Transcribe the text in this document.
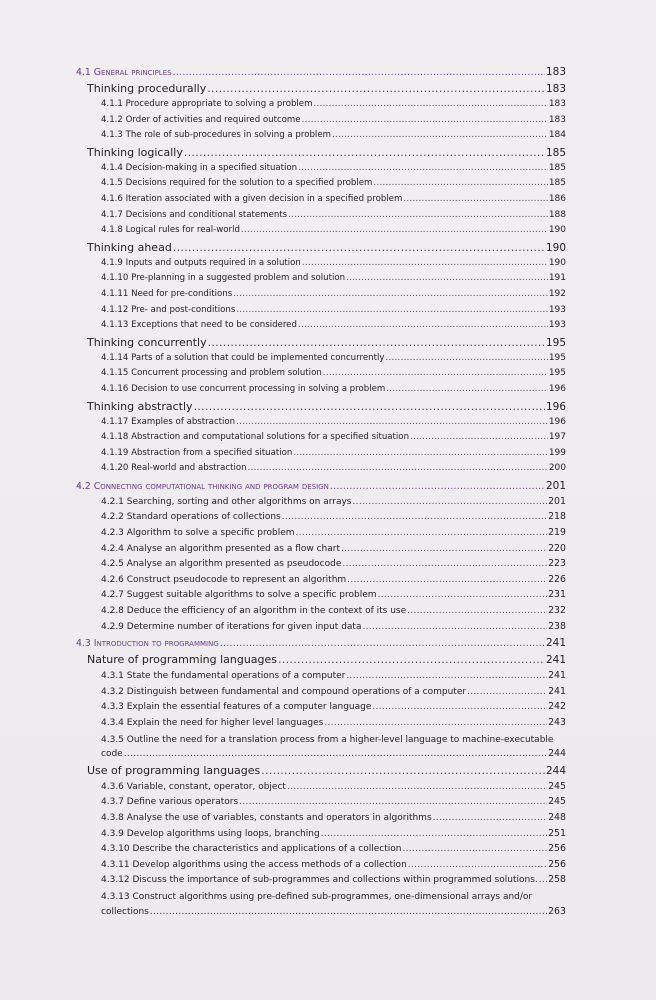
4.1 General principles .....	183
Thinking procedurally .....	183
4.1.1 Procedure appropriate to solving a problem .....	183
4.1.2 Order of activities and required outcome .....	183
4.1.3 The role of sub-procedures in solving a problem .....	184
Thinking logically .....	185
4.1.4 Decision-making in a specified situation .....	185
4.1.5 Decisions required for the solution to a specified problem .....	185
4.1.6 Iteration associated with a given decision in a specified problem .....	186
4.1.7 Decisions and conditional statements .....	188
4.1.8 Logical rules for real-world .....	190
Thinking ahead .....	190
4.1.9 Inputs and outputs required in a solution .....	190
4.1.10 Pre-planning in a suggested problem and solution .....	191
4.1.11 Need for pre-conditions .....	192
4.1.12 Pre- and post-conditions .....	193
4.1.13 Exceptions that need to be considered .....	193
Thinking concurrently .....	195
4.1.14 Parts of a solution that could be implemented concurrently .....	195
4.1.15 Concurrent processing and problem solution .....	195
4.1.16 Decision to use concurrent processing in solving a problem .....	196
Thinking abstractly .....	196
4.1.17 Examples of abstraction .....	196
4.1.18 Abstraction and computational solutions for a specified situation .....	197
4.1.19 Abstraction from a specified situation .....	199
4.1.20 Real-world and abstraction .....	200
4.2 Connecting computational thinking and program design .....	201
4.2.1 Searching, sorting and other algorithms on arrays .....	201
4.2.2 Standard operations of collections .....	218
4.2.3 Algorithm to solve a specific problem .....	219
4.2.4 Analyse an algorithm presented as a flow chart .....	220
4.2.5 Analyse an algorithm presented as pseudocode .....	223
4.2.6 Construct pseudocode to represent an algorithm .....	226
4.2.7 Suggest suitable algorithms to solve a specific problem .....	231
4.2.8 Deduce the efficiency of an algorithm in the context of its use .....	232
4.2.9 Determine number of iterations for given input data .....	238
4.3 Introduction to programming .....	241
Nature of programming languages .....	241
4.3.1 State the fundamental operations of a computer .....	241
4.3.2 Distinguish between fundamental and compound operations of a computer .....	241
4.3.3 Explain the essential features of a computer language .....	242
4.3.4 Explain the need for higher level languages .....	243
4.3.5 Outline the need for a translation process from a higher-level language to machine-executable
code .....	244
Use of programming languages .....	244
4.3.6 Variable, constant, operator, object .....	245
4.3.7 Define various operators .....	245
4.3.8 Analyse the use of variables, constants and operators in algorithms .....	248
4.3.9 Develop algorithms using loops, branching .....	251
4.3.10 Describe the characteristics and applications of a collection .....	256
4.3.11 Develop algorithms using the access methods of a collection .....	256
4.3.12 Discuss the importance of sub-programmes and collections within programmed solutions. ..... 258
4.3.13 Construct algorithms using pre-defined sub-programmes, one-dimensional arrays and/or
collections .....	263
